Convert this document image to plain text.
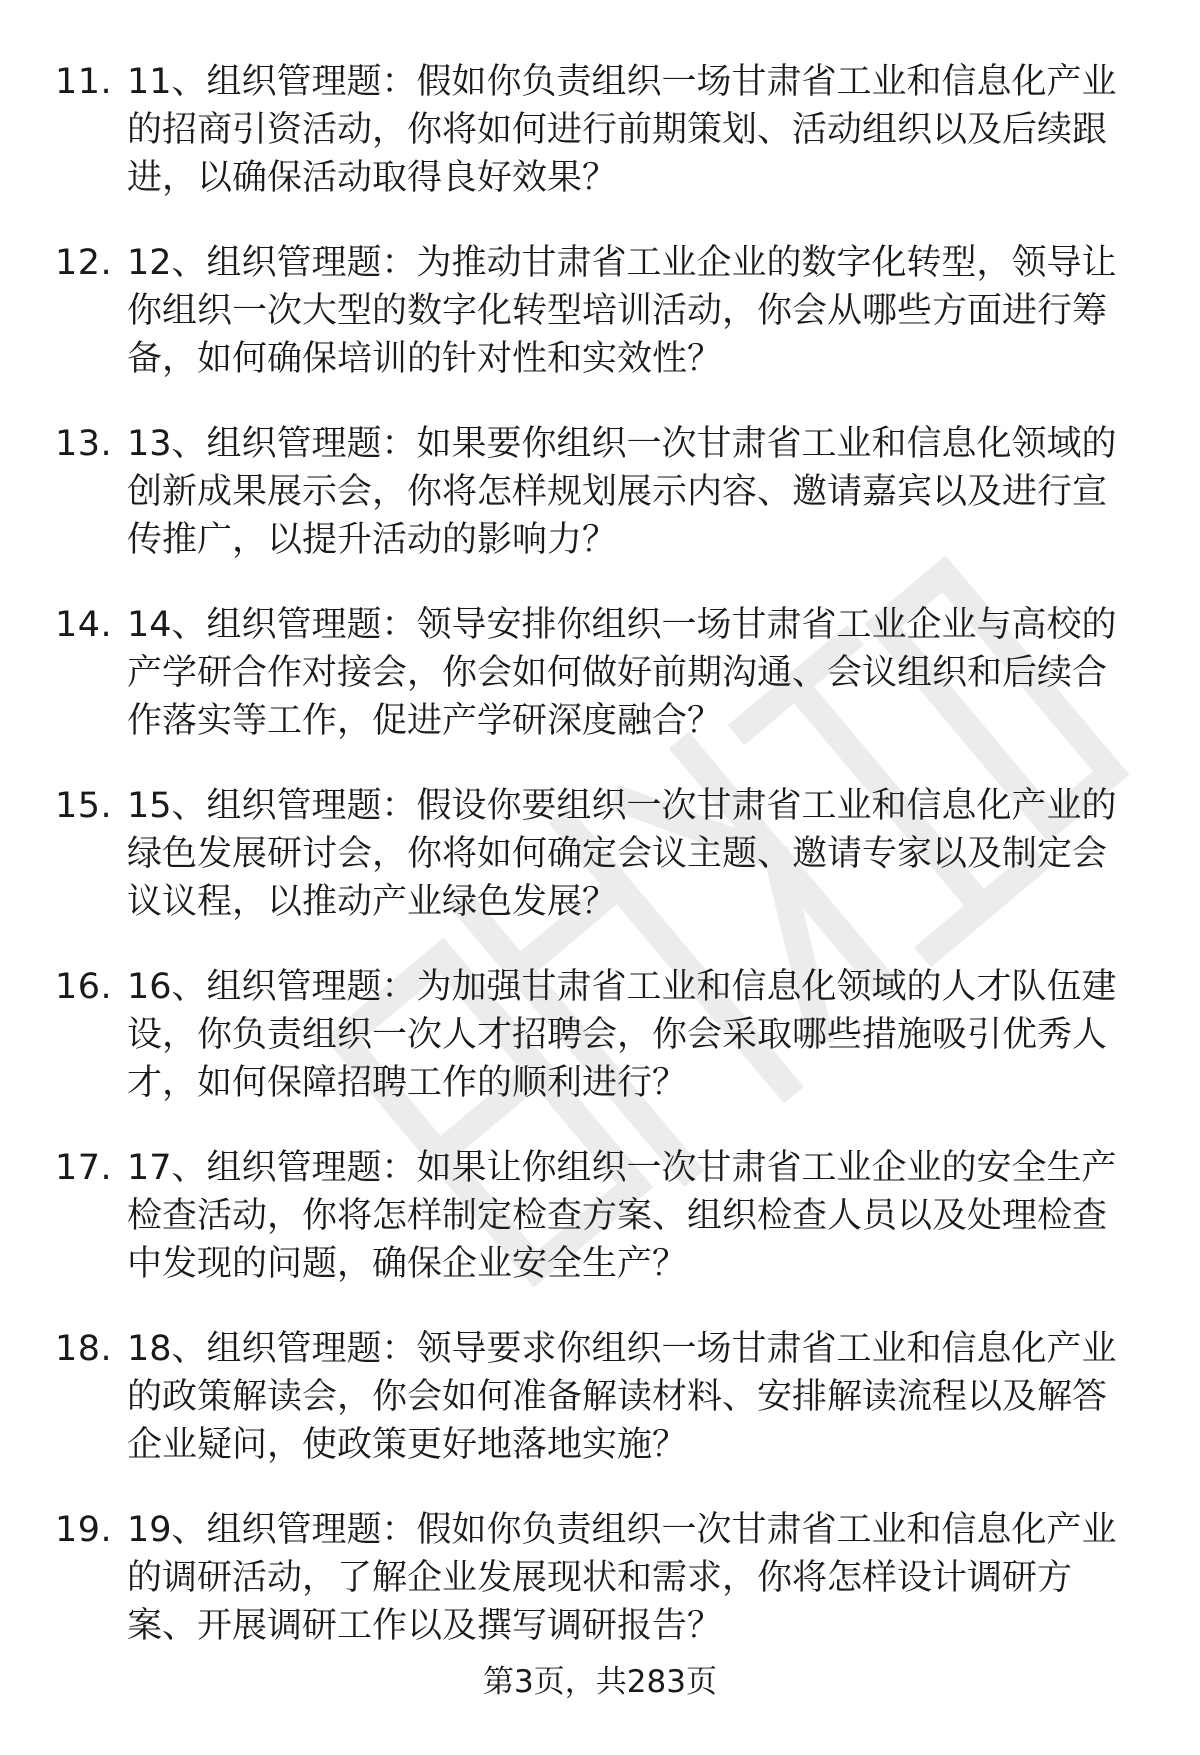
11. 11、组织管理题：假如你负责组织一场甘肃省工业和信息化产业
的招商引资活动，你将如何进行前期策划、活动组织以及后续跟
进，以确保活动取得良好效果？

12. 12、组织管理题：为推动甘肃省工业企业的数字化转型，领导让
你组织一次大型的数字化转型培训活动，你会从哪些方面进行筹
备，如何确保培训的针对性和实效性？

13. 13、组织管理题：如果要你组织一次甘肃省工业和信息化领域的
创新成果展示会，你将怎样规划展示内容、邀请嘉宾以及进行宣
传推广，以提升活动的影响力？

14. 14、组织管理题：领导安排你组织一场甘肃省工业企业与高校的
产学研合作对接会，你会如何做好前期沟通、会议组织和后续合
作落实等工作，促进产学研深度融合？

15. 15、组织管理题：假设你要组织一次甘肃省工业和信息化产业的
绿色发展研讨会，你将如何确定会议主题、邀请专家以及制定会
议议程，以推动产业绿色发展？

16. 16、组织管理题：为加强甘肃省工业和信息化领域的人才队伍建
设，你负责组织一次人才招聘会，你会采取哪些措施吸引优秀人
才，如何保障招聘工作的顺利进行？

17. 17、组织管理题：如果让你组织一次甘肃省工业企业的安全生产
检查活动，你将怎样制定检查方案、组织检查人员以及处理检查
中发现的问题，确保企业安全生产？

18. 18、组织管理题：领导要求你组织一场甘肃省工业和信息化产业
的政策解读会，你会如何准备解读材料、安排解读流程以及解答
企业疑问，使政策更好地落地实施？

19. 19、组织管理题：假如你负责组织一次甘肃省工业和信息化产业
的调研活动，了解企业发展现状和需求，你将怎样设计调研方
案、开展调研工作以及撰写调研报告？

第3页，共283页
